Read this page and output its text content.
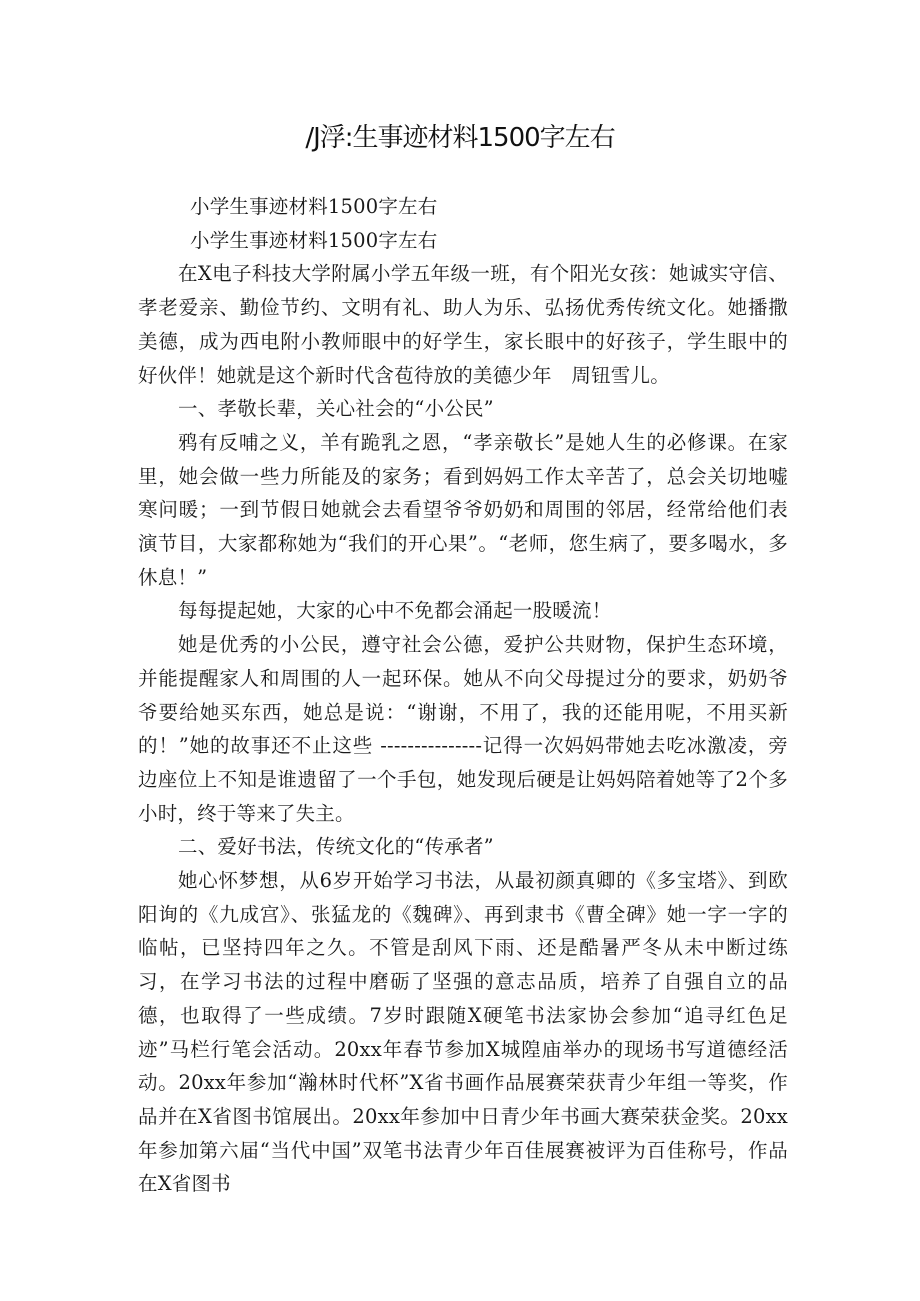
/J浮:生事迹材料1500字左右

小学生事迹材料1500字左右

小学生事迹材料1500字左右

在X电子科技大学附属小学五年级一班，有个阳光女孩：她诚实守信、孝老爱亲、勤俭节约、文明有礼、助人为乐、弘扬优秀传统文化。她播撒美德，成为西电附小教师眼中的好学生，家长眼中的好孩子，学生眼中的好伙伴！她就是这个新时代含苞待放的美德少年　周钮雪儿。

一、孝敬长辈，关心社会的“小公民”

鸦有反哺之义，羊有跪乳之恩，“孝亲敬长”是她人生的必修课。在家里，她会做一些力所能及的家务；看到妈妈工作太辛苦了，总会关切地嘘寒问暖；一到节假日她就会去看望爷爷奶奶和周围的邻居，经常给他们表演节目，大家都称她为“我们的开心果”。“老师，您生病了，要多喝水，多休息！”

每每提起她，大家的心中不免都会涌起一股暖流！

她是优秀的小公民，遵守社会公德，爱护公共财物，保护生态环境，并能提醒家人和周围的人一起环保。她从不向父母提过分的要求，奶奶爷爷要给她买东西，她总是说：“谢谢，不用了，我的还能用呢，不用买新的！”她的故事还不止这些 ---------------记得一次妈妈带她去吃冰激凌，旁边座位上不知是谁遗留了一个手包，她发现后硬是让妈妈陪着她等了2个多小时，终于等来了失主。

二、爱好书法，传统文化的“传承者”

她心怀梦想，从6岁开始学习书法，从最初颜真卿的《多宝塔》、到欧阳询的《九成宫》、张猛龙的《魏碑》、再到隶书《曹全碑》她一字一字的临帖，已坚持四年之久。不管是刮风下雨、还是酷暑严冬从未中断过练习，在学习书法的过程中磨砺了坚强的意志品质，培养了自强自立的品德，也取得了一些成绩。7岁时跟随X硬笔书法家协会参加“追寻红色足迹”马栏行笔会活动。20xx年春节参加X城隍庙举办的现场书写道德经活动。20xx年参加“瀚林时代杯”X省书画作品展赛荣获青少年组一等奖，作品并在X省图书馆展出。20xx年参加中日青少年书画大赛荣获金奖。20xx年参加第六届“当代中国”双笔书法青少年百佳展赛被评为百佳称号，作品在X省图书
